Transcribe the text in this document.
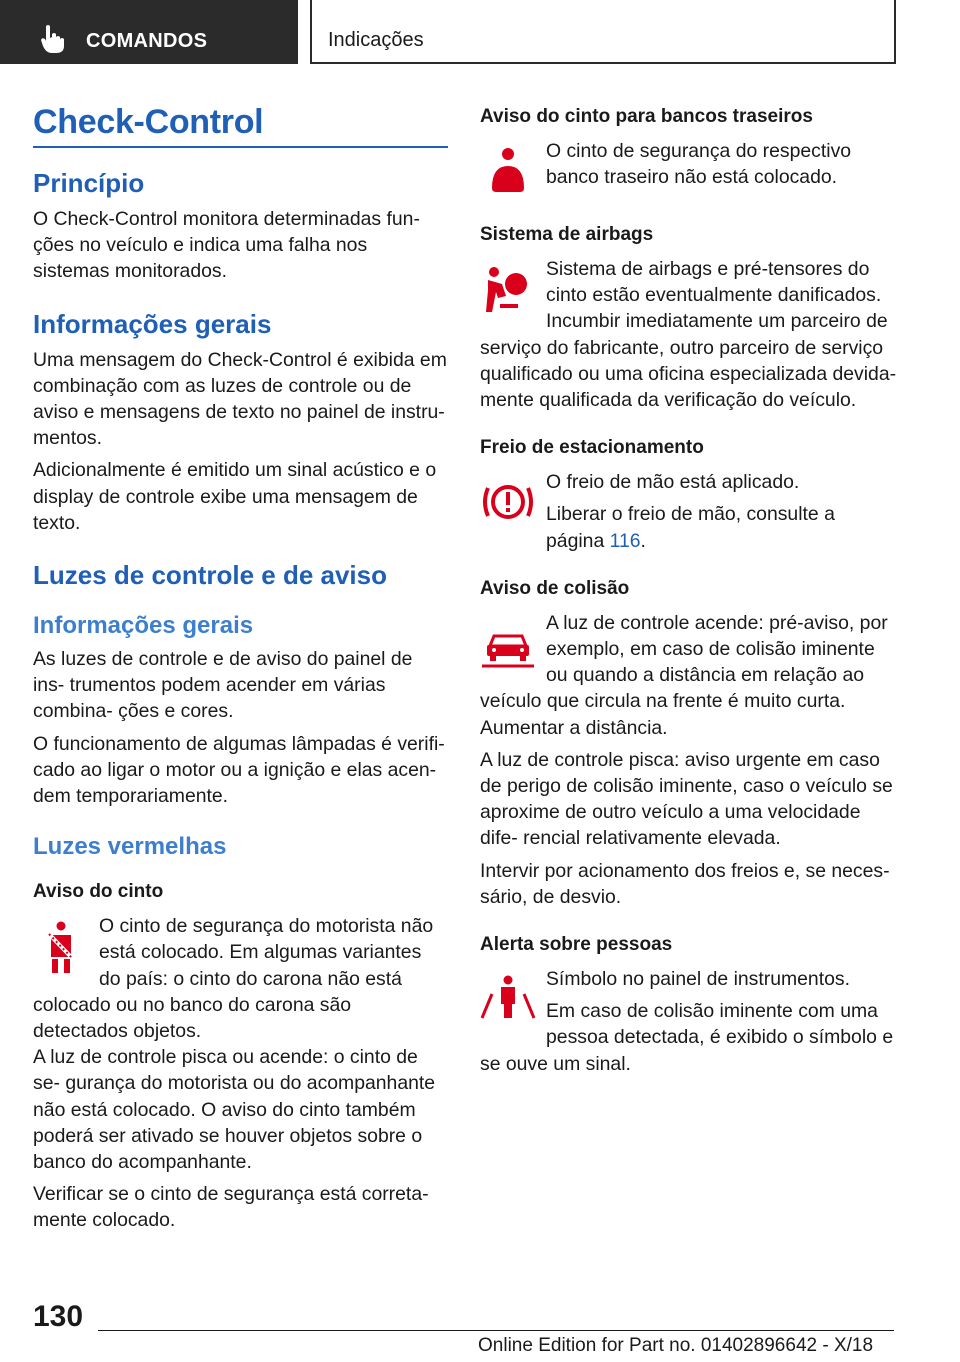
COMANDOS	Indicações
Check-Control
Princípio

O Check-Control monitora determinadas fun- ções no veículo e indica uma falha nos sistemas monitorados.

Informações gerais

Uma mensagem do Check-Control é exibida em combinação com as luzes de controle ou de aviso e mensagens de texto no painel de instru- mentos.

Adicionalmente é emitido um sinal acústico e o display de controle exibe uma mensagem de texto.

Luzes de controle e de aviso
Informações gerais

As luzes de controle e de aviso do painel de ins- trumentos podem acender em várias combina- ções e cores.

O funcionamento de algumas lâmpadas é verifi- cado ao ligar o motor ou a ignição e elas acen- dem temporariamente.

Luzes vermelhas
Aviso do cinto

O cinto de segurança do motorista não está colocado. Em algumas variantes do país: o cinto do carona não está colocado ou no banco do carona são detectados objetos.

A luz de controle pisca ou acende: o cinto de se- gurança do motorista ou do acompanhante não está colocado. O aviso do cinto também poderá ser ativado se houver objetos sobre o banco do acompanhante.

Verificar se o cinto de segurança está correta- mente colocado.

Aviso do cinto para bancos traseiros

O cinto de segurança do respectivo banco traseiro não está colocado.

Sistema de airbags

Sistema de airbags e pré-tensores do cinto estão eventualmente danificados.

Incumbir imediatamente um parceiro de serviço do fabricante, outro parceiro de serviço qualificado ou uma oficina especializada devida- mente qualificada da verificação do veículo.

Freio de estacionamento

O freio de mão está aplicado.

Liberar o freio de mão, consulte a página 116.

Aviso de colisão

A luz de controle acende: pré-aviso, por exemplo, em caso de colisão iminente ou quando a distância em relação ao veículo que circula na frente é muito curta.

Aumentar a distância.

A luz de controle pisca: aviso urgente em caso de perigo de colisão iminente, caso o veículo se aproxime de outro veículo a uma velocidade dife- rencial relativamente elevada.

Intervir por acionamento dos freios e, se neces- sário, de desvio.

Alerta sobre pessoas

Símbolo no painel de instrumentos.

Em caso de colisão iminente com uma pessoa detectada, é exibido o símbolo e se ouve um sinal.

130
Online Edition for Part no. 01402896642 - X/18
